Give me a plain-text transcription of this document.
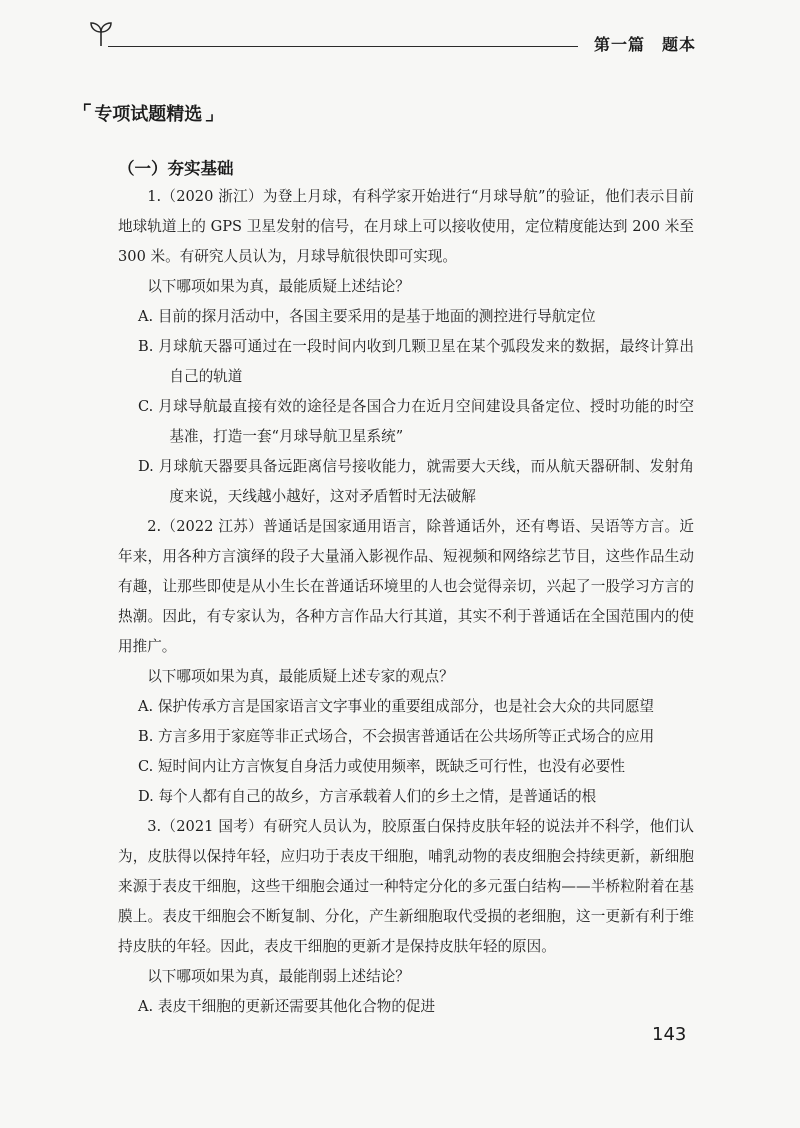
第一篇　题本
⌜ 专项试题精选 ⌟
（一）夯实基础

1.（2020 浙江）为登上月球，有科学家开始进行“月球导航”的验证，他们表示目前地球轨道上的 GPS 卫星发射的信号，在月球上可以接收使用，定位精度能达到 200 米至 300 米。有研究人员认为，月球导航很快即可实现。

以下哪项如果为真，最能质疑上述结论？

A. 目前的探月活动中，各国主要采用的是基于地面的测控进行导航定位

B. 月球航天器可通过在一段时间内收到几颗卫星在某个弧段发来的数据，最终计算出自己的轨道

C. 月球导航最直接有效的途径是各国合力在近月空间建设具备定位、授时功能的时空基准，打造一套“月球导航卫星系统”

D. 月球航天器要具备远距离信号接收能力，就需要大天线，而从航天器研制、发射角度来说，天线越小越好，这对矛盾暂时无法破解

2.（2022 江苏）普通话是国家通用语言，除普通话外，还有粤语、吴语等方言。近年来，用各种方言演绎的段子大量涌入影视作品、短视频和网络综艺节目，这些作品生动有趣，让那些即使是从小生长在普通话环境里的人也会觉得亲切，兴起了一股学习方言的热潮。因此，有专家认为，各种方言作品大行其道，其实不利于普通话在全国范围内的使用推广。

以下哪项如果为真，最能质疑上述专家的观点？

A. 保护传承方言是国家语言文字事业的重要组成部分，也是社会大众的共同愿望

B. 方言多用于家庭等非正式场合，不会损害普通话在公共场所等正式场合的应用

C. 短时间内让方言恢复自身活力或使用频率，既缺乏可行性，也没有必要性

D. 每个人都有自己的故乡，方言承载着人们的乡土之情，是普通话的根

3.（2021 国考）有研究人员认为，胶原蛋白保持皮肤年轻的说法并不科学，他们认为，皮肤得以保持年轻，应归功于表皮干细胞，哺乳动物的表皮细胞会持续更新，新细胞来源于表皮干细胞，这些干细胞会通过一种特定分化的多元蛋白结构——半桥粒附着在基膜上。表皮干细胞会不断复制、分化，产生新细胞取代受损的老细胞，这一更新有利于维持皮肤的年轻。因此，表皮干细胞的更新才是保持皮肤年轻的原因。

以下哪项如果为真，最能削弱上述结论？

A. 表皮干细胞的更新还需要其他化合物的促进

143
